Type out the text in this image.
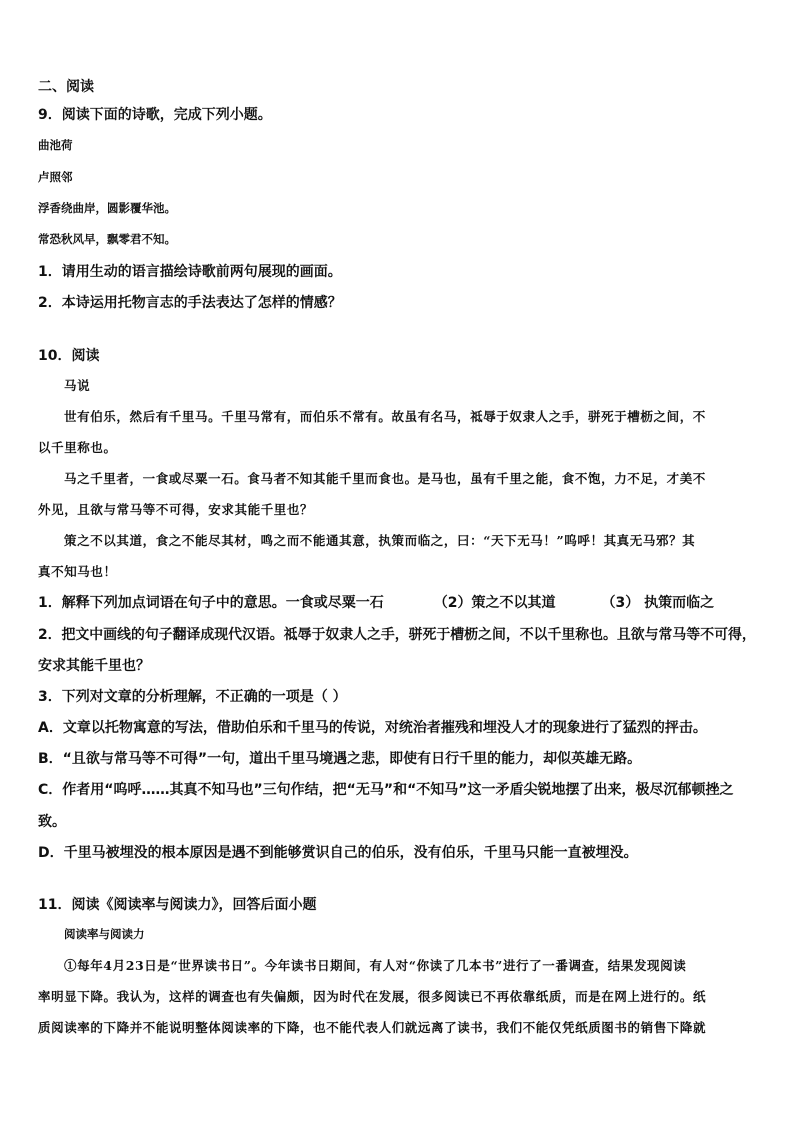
二、阅读
9．阅读下面的诗歌，完成下列小题。
曲池荷
卢照邻
浮香绕曲岸，圆影覆华池。
常恐秋风早，飘零君不知。
1．请用生动的语言描绘诗歌前两句展现的画面。
2．本诗运用托物言志的手法表达了怎样的情感？
10．阅读
马说
世有伯乐，然后有千里马。千里马常有，而伯乐不常有。故虽有名马，祗辱于奴隶人之手，骈死于槽枥之间，不
以千里称也。
马之千里者，一食或尽粟一石。食马者不知其能千里而食也。是马也，虽有千里之能，食不饱，力不足，才美不
外见，且欲与常马等不可得，安求其能千里也？
策之不以其道，食之不能尽其材，鸣之而不能通其意，执策而临之，曰：“天下无马！”呜呼！其真无马邪？其
真不知马也！
1．解释下列加点词语在句子中的意思。一食或尽粟一石	（2）策之不以其道	（3） 执策而临之
2．把文中画线的句子翻译成现代汉语。祗辱于奴隶人之手，骈死于槽枥之间，不以千里称也。且欲与常马等不可得，
安求其能千里也？
3．下列对文章的分析理解，不正确的一项是（ ）
A．文章以托物寓意的写法，借助伯乐和千里马的传说，对统治者摧残和埋没人才的现象进行了猛烈的抨击。
B．“且欲与常马等不可得”一句，道出千里马境遇之悲，即使有日行千里的能力，却似英雄无路。
C．作者用“呜呼……其真不知马也”三句作结，把“无马”和“不知马”这一矛盾尖锐地摆了出来，极尽沉郁顿挫之
致。
D．千里马被埋没的根本原因是遇不到能够赏识自己的伯乐，没有伯乐，千里马只能一直被埋没。
11．阅读《阅读率与阅读力》，回答后面小题
阅读率与阅读力
①每年4月23日是“世界读书日”。今年读书日期间，有人对“你读了几本书”进行了一番调查，结果发现阅读
率明显下降。我认为，这样的调查也有失偏颇，因为时代在发展，很多阅读已不再依靠纸质，而是在网上进行的。纸
质阅读率的下降并不能说明整体阅读率的下降，也不能代表人们就远离了读书，我们不能仅凭纸质图书的销售下降就
